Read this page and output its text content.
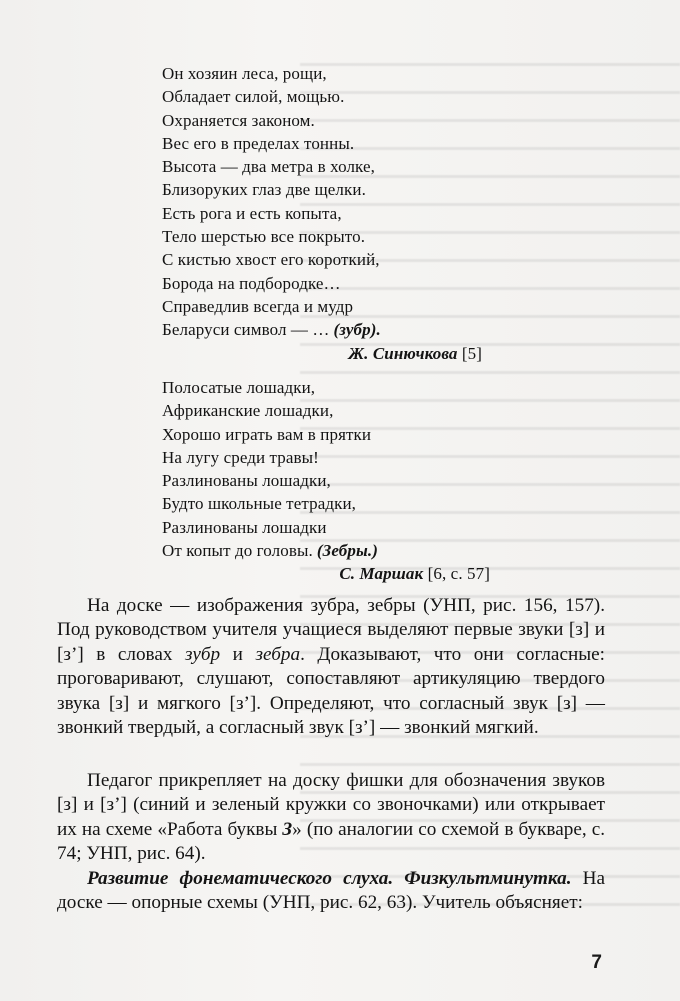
Он хозяин леса, рощи,
Обладает силой, мощью.
Охраняется законом.
Вес его в пределах тонны.
Высота — два метра в холке,
Близоруких глаз две щелки.
Есть рога и есть копыта,
Тело шерстью все покрыто.
С кистью хвост его короткий,
Борода на подбородке…
Справедлив всегда и мудр
Беларуси символ — … (зубр).
Ж. Синючкова [5]
Полосатые лошадки,
Африканские лошадки,
Хорошо играть вам в прятки
На лугу среди травы!
Разлинованы лошадки,
Будто школьные тетрадки,
Разлинованы лошадки
От копыт до головы. (Зебры.)
С. Маршак [6, с. 57]

На доске — изображения зубра, зебры (УНП, рис. 156, 157). Под руководством учителя учащиеся выделяют первые звуки [з] и [з’] в словах зубр и зебра. Доказывают, что они согласные: проговаривают, слушают, сопоставляют артикуляцию твердого звука [з] и мягкого [з’]. Определяют, что согласный звук [з] — звонкий твердый, а согласный звук [з’] — звонкий мягкий.

Педагог прикрепляет на доску фишки для обозначения звуков [з] и [з’] (синий и зеленый кружки со звоночками) или открывает их на схеме «Работа буквы З» (по аналогии со схемой в букваре, с. 74; УНП, рис. 64).

Развитие фонематического слуха. Физкультминутка. На доске — опорные схемы (УНП, рис. 62, 63). Учитель объясняет:

7
